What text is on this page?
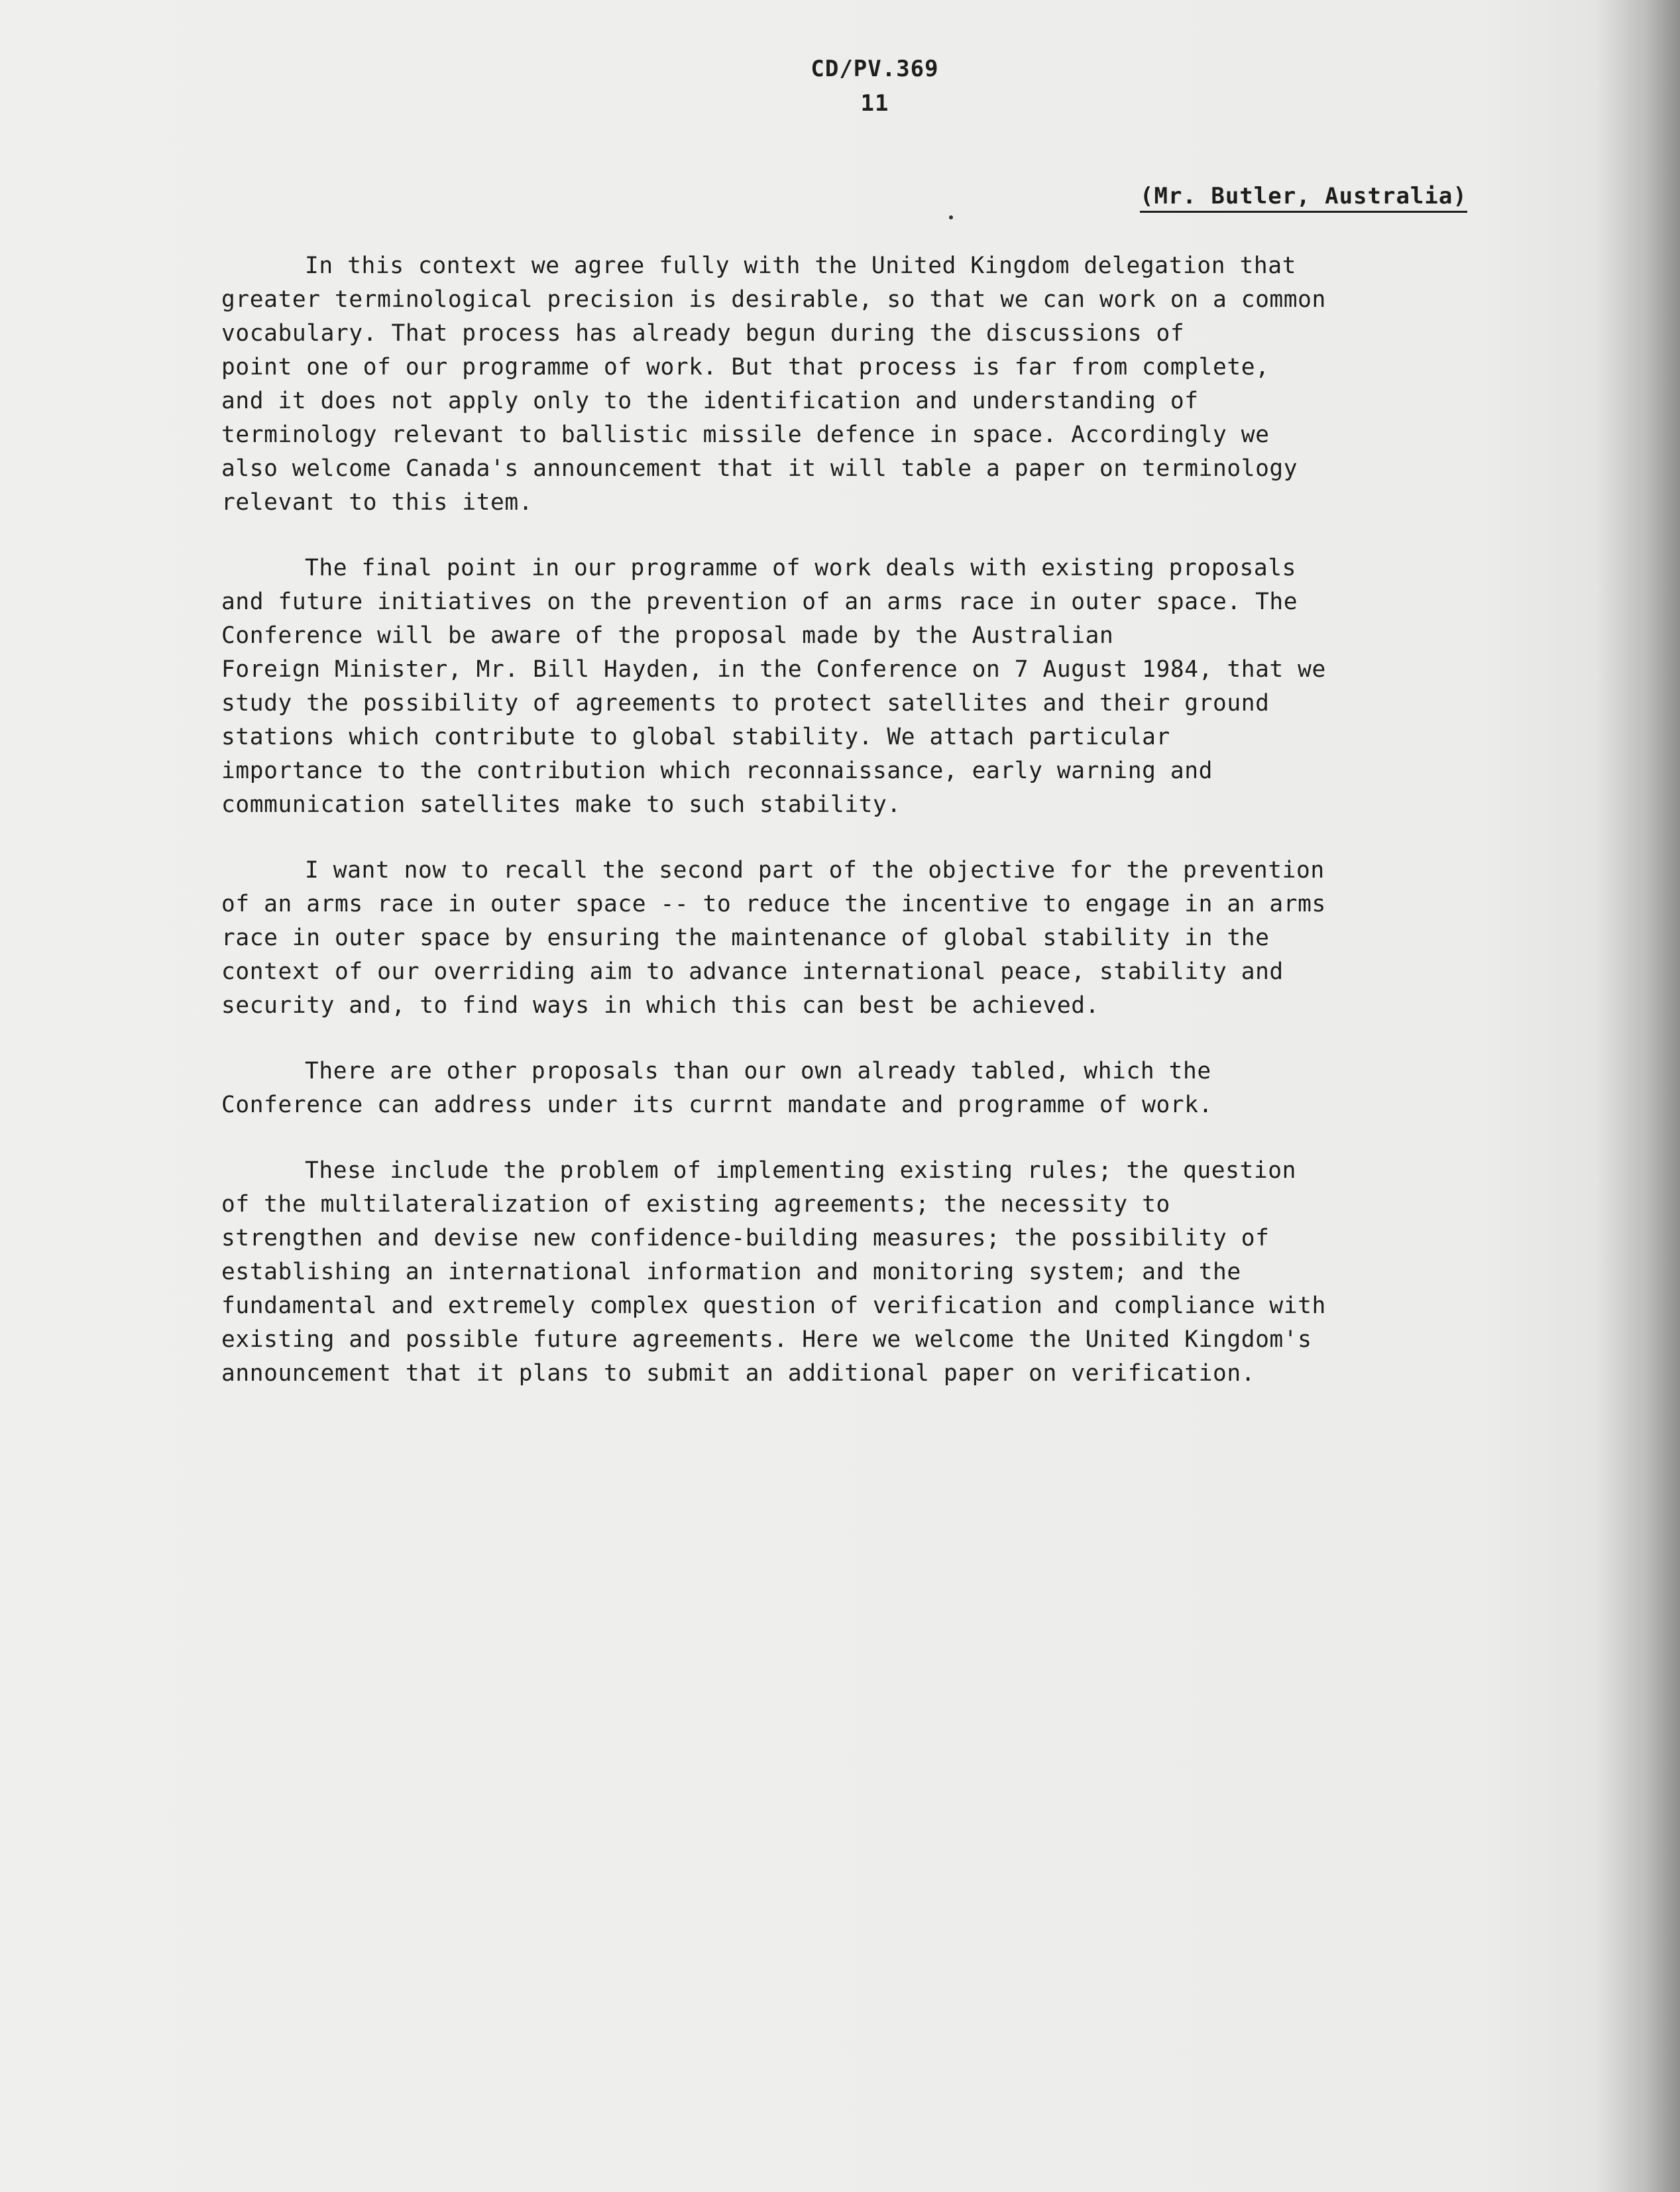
CD/PV.369
11
(Mr. Butler, Australia)

In this context we agree fully with the United Kingdom delegation that
greater terminological precision is desirable, so that we can work on a common
vocabulary. That process has already begun during the discussions of
point one of our programme of work. But that process is far from complete,
and it does not apply only to the identification and understanding of
terminology relevant to ballistic missile defence in space. Accordingly we
also welcome Canada's announcement that it will table a paper on terminology
relevant to this item.

The final point in our programme of work deals with existing proposals
and future initiatives on the prevention of an arms race in outer space. The
Conference will be aware of the proposal made by the Australian
Foreign Minister, Mr. Bill Hayden, in the Conference on 7 August 1984, that we
study the possibility of agreements to protect satellites and their ground
stations which contribute to global stability. We attach particular
importance to the contribution which reconnaissance, early warning and
communication satellites make to such stability.

I want now to recall the second part of the objective for the prevention
of an arms race in outer space -- to reduce the incentive to engage in an arms
race in outer space by ensuring the maintenance of global stability in the
context of our overriding aim to advance international peace, stability and
security and, to find ways in which this can best be achieved.

There are other proposals than our own already tabled, which the
Conference can address under its currnt mandate and programme of work.

These include the problem of implementing existing rules; the question
of the multilateralization of existing agreements; the necessity to
strengthen and devise new confidence-building measures; the possibility of
establishing an international information and monitoring system; and the
fundamental and extremely complex question of verification and compliance with
existing and possible future agreements. Here we welcome the United Kingdom's
announcement that it plans to submit an additional paper on verification.
